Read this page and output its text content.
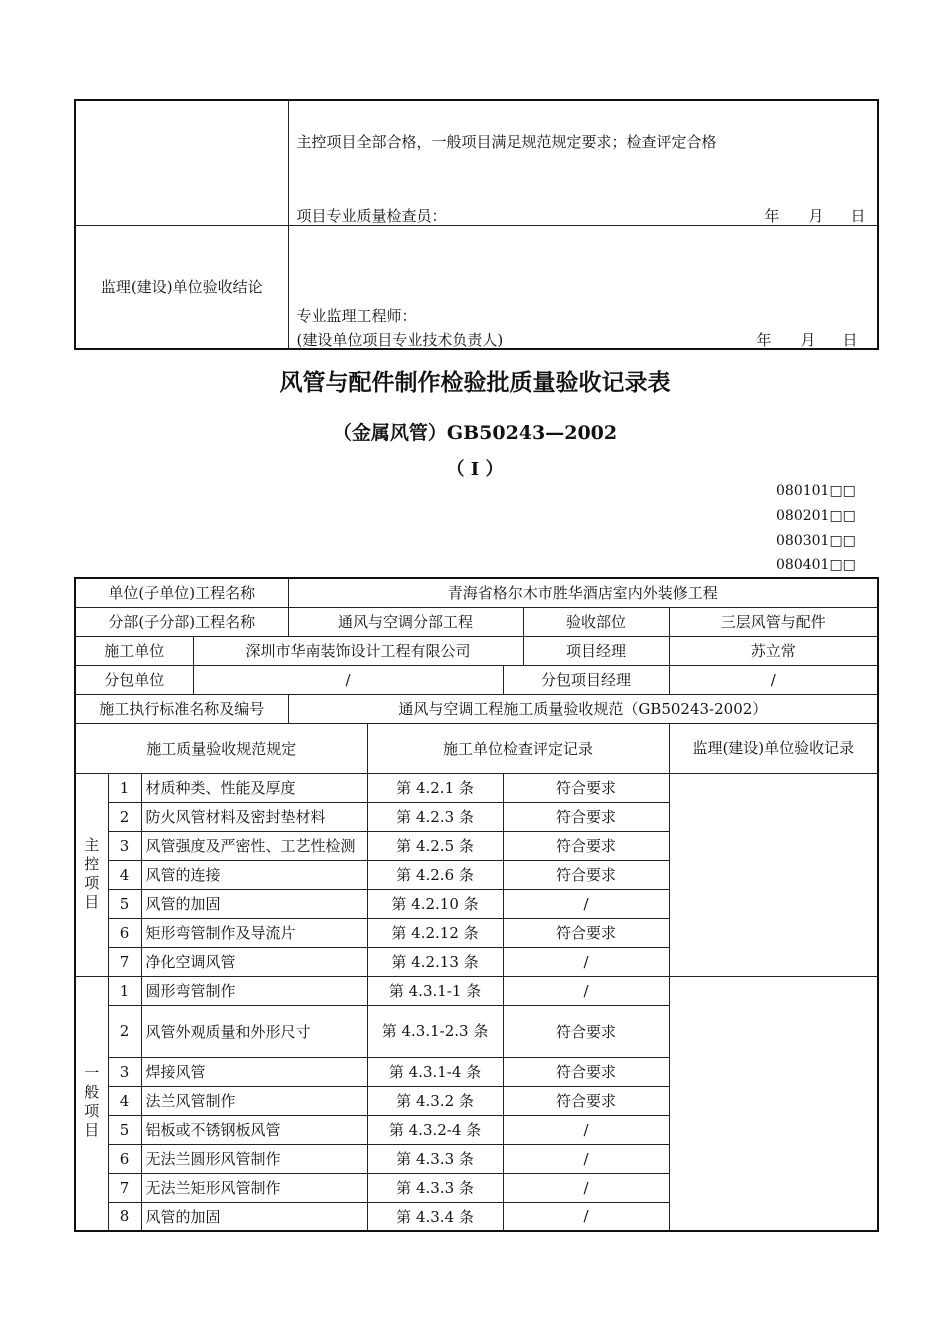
	主控项目全部合格，一般项目满足规范规定要求；检查评定合格
项目专业质量检查员： 年 月 日

监理(建设)单位验收结论	专业监理工程师：
(建设单位项目专业技术负责人) 年 月 日
风管与配件制作检验批质量验收记录表
（金属风管）GB50243—2002
（ I ）
080101□□
080201□□
080301□□
080401□□
单位(子单位)工程名称				青海省格尔木市胜华酒店室内外装修工程				
分部(子分部)工程名称				通风与空调分部工程			验收部位	三层风管与配件
施工单位			深圳市华南装饰设计工程有限公司				项目经理	苏立常
分包单位			/			分包项目经理		/
施工执行标准名称及编号				通风与空调工程施工质量验收规范（GB50243-2002）				
施工质量验收规范规定					施工单位检查评定记录			监理(建设)单位验收记录

主控项目	1	材质种类、性能及厚度			第 4.2.1 条	符合要求		
	2	防火风管材料及密封垫材料			第 4.2.3 条	符合要求		
	3	风管强度及严密性、工艺性检测			第 4.2.5 条	符合要求		
	4	风管的连接			第 4.2.6 条	符合要求		
	5	风管的加固			第 4.2.10 条	/		
	6	矩形弯管制作及导流片			第 4.2.12 条	符合要求		
	7	净化空调风管			第 4.2.13 条	/		

一般项目	1	圆形弯管制作			第 4.3.1-1 条	/		
	2	风管外观质量和外形尺寸			第 4.3.1-2.3 条	符合要求		
	3	焊接风管			第 4.3.1-4 条	符合要求		
	4	法兰风管制作			第 4.3.2 条	符合要求		
	5	铝板或不锈钢板风管			第 4.3.2-4 条	/		
	6	无法兰圆形风管制作			第 4.3.3 条	/		
	7	无法兰矩形风管制作			第 4.3.3 条	/		
	8	风管的加固			第 4.3.4 条	/		
